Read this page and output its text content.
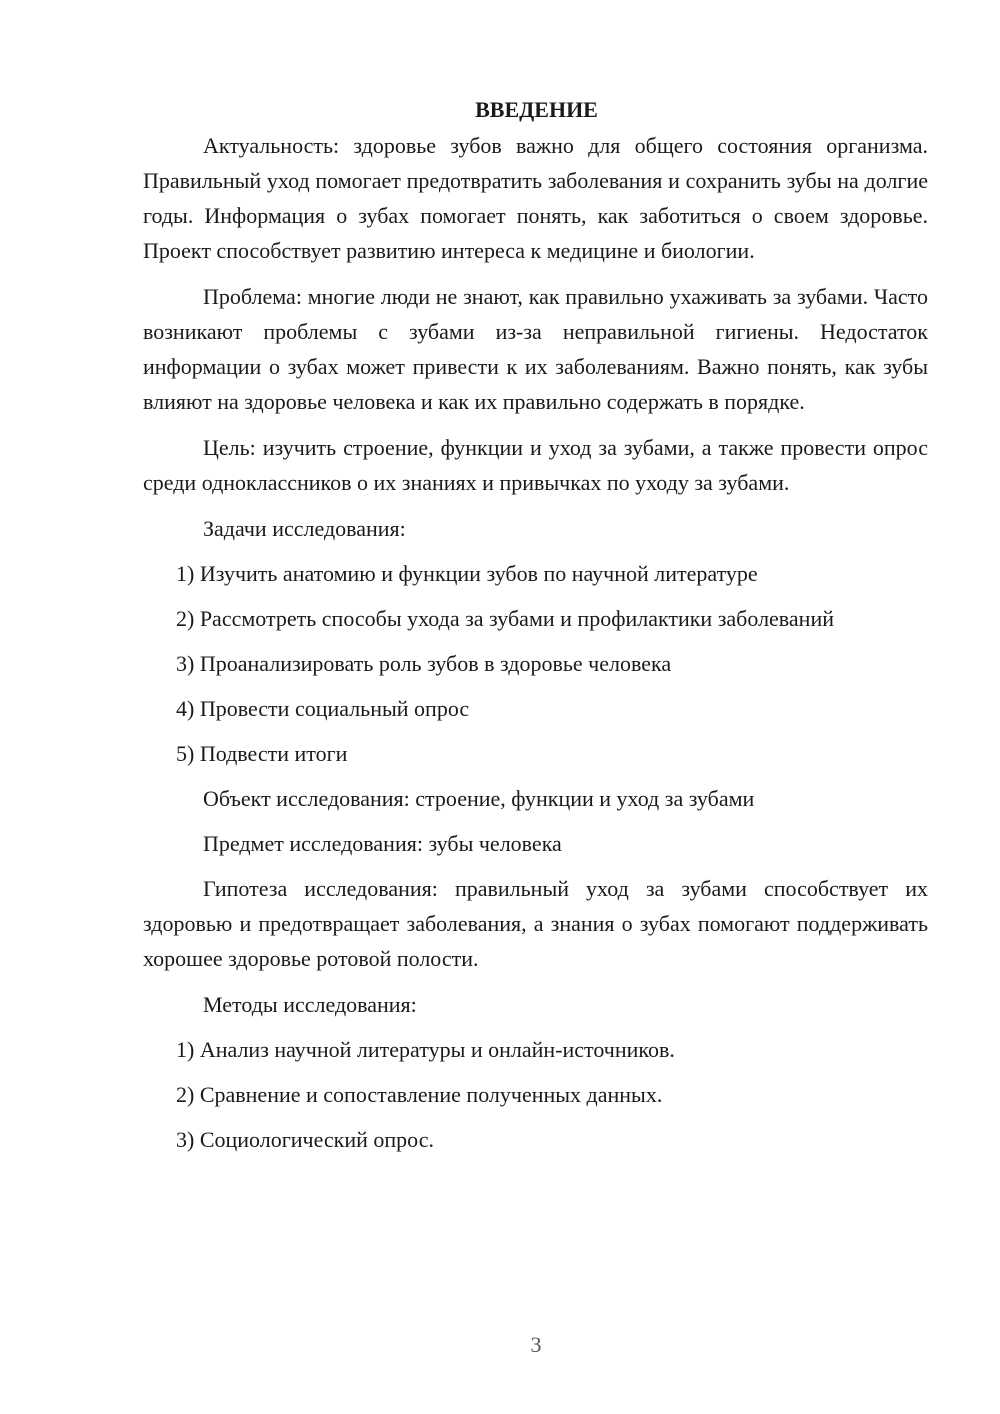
ВВЕДЕНИЕ

Актуальность: здоровье зубов важно для общего состояния организма. Правильный уход помогает предотвратить заболевания и сохранить зубы на долгие годы. Информация о зубах помогает понять, как заботиться о своем здоровье. Проект способствует развитию интереса к медицине и биологии.

Проблема: многие люди не знают, как правильно ухаживать за зубами. Часто возникают проблемы с зубами из-за неправильной гигиены. Недостаток информации о зубах может привести к их заболеваниям. Важно понять, как зубы влияют на здоровье человека и как их правильно содержать в порядке.

Цель: изучить строение, функции и уход за зубами, а также провести опрос среди одноклассников о их знаниях и привычках по уходу за зубами.

Задачи исследования:

1) Изучить анатомию и функции зубов по научной литературе

2) Рассмотреть способы ухода за зубами и профилактики заболеваний

3) Проанализировать роль зубов в здоровье человека

4) Провести социальный опрос

5) Подвести итоги

Объект исследования: строение, функции и уход за зубами

Предмет исследования: зубы человека

Гипотеза исследования: правильный уход за зубами способствует их здоровью и предотвращает заболевания, а знания о зубах помогают поддерживать хорошее здоровье ротовой полости.

Методы исследования:

1) Анализ научной литературы и онлайн-источников.

2) Сравнение и сопоставление полученных данных.

3) Социологический опрос.

3
